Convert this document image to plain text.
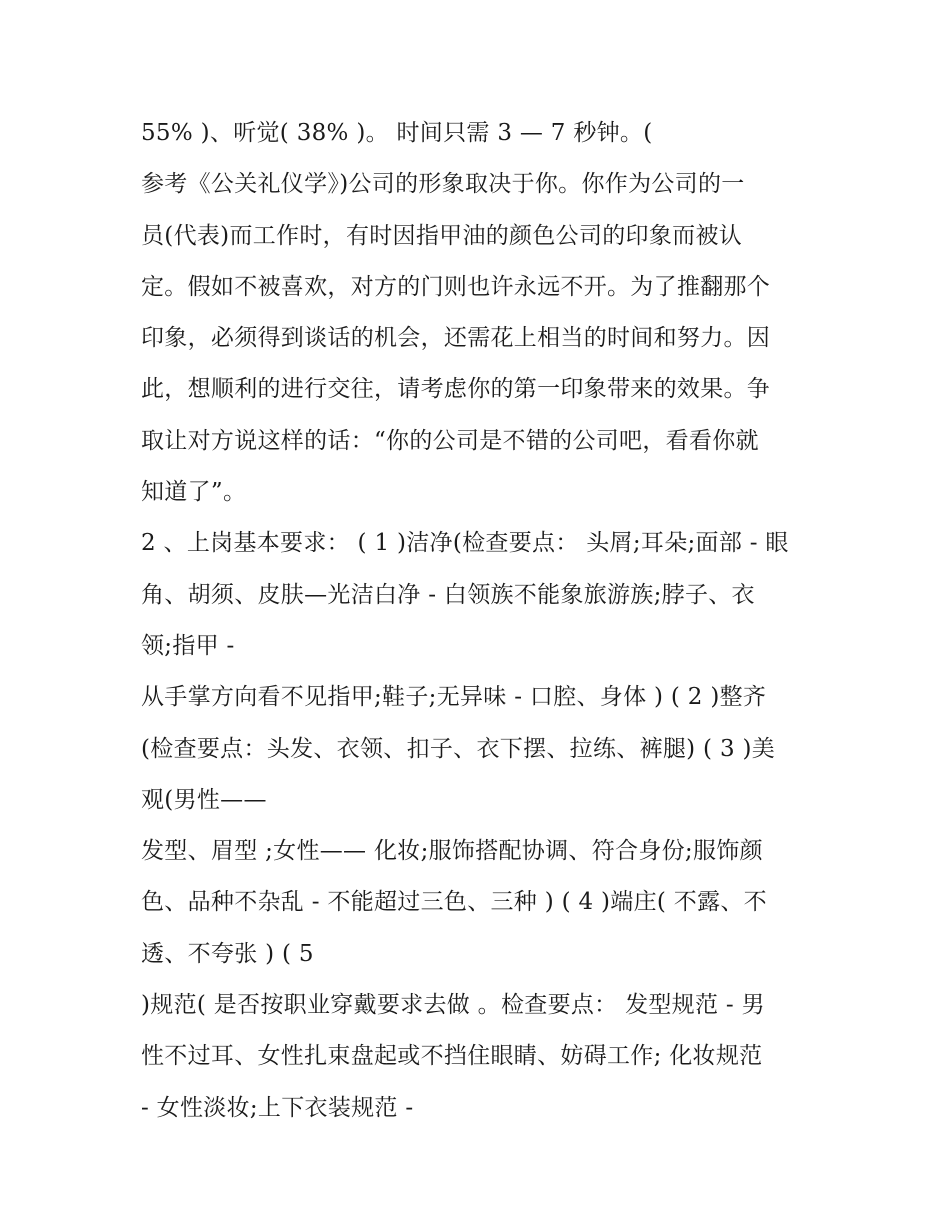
55% )、听觉( 38% )。 时间只需 3 — 7 秒钟。(
参考《公关礼仪学》)公司的形象取决于你。你作为公司的一
员(代表)而工作时，有时因指甲油的颜色公司的印象而被认
定。假如不被喜欢，对方的门则也许永远不开。为了推翻那个
印象，必须得到谈话的机会，还需花上相当的时间和努力。因
此，想顺利的进行交往，请考虑你的第一印象带来的效果。争
取让对方说这样的话：“你的公司是不错的公司吧，看看你就
知道了”。
2 、上岗基本要求： ( 1 )洁净(检查要点： 头屑;耳朵;面部 - 眼
角、胡须、皮肤—光洁白净 - 白领族不能象旅游族;脖子、衣
领;指甲 -
从手掌方向看不见指甲;鞋子;无异味 - 口腔、身体 ) ( 2 )整齐
(检查要点：头发、衣领、扣子、衣下摆、拉练、裤腿) ( 3 )美
观(男性——
发型、眉型 ;女性—— 化妆;服饰搭配协调、符合身份;服饰颜
色、品种不杂乱 - 不能超过三色、三种 ) ( 4 )端庄( 不露、不
透、不夸张 ) ( 5
)规范( 是否按职业穿戴要求去做 。检查要点： 发型规范 - 男
性不过耳、女性扎束盘起或不挡住眼睛、妨碍工作; 化妆规范
- 女性淡妆;上下衣装规范 -
